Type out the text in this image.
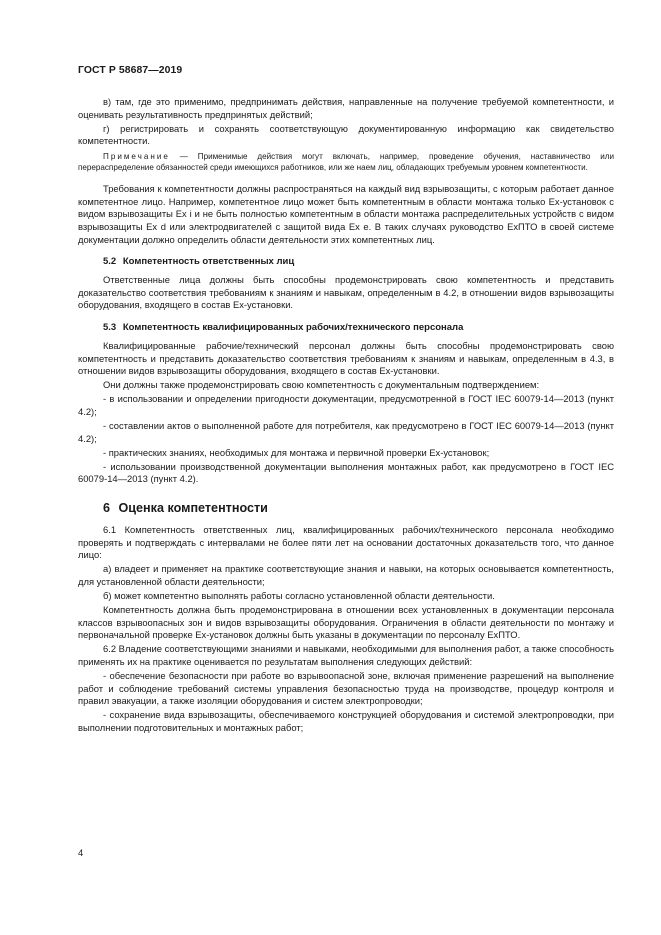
ГОСТ Р 58687—2019

в) там, где это применимо, предпринимать действия, направленные на получение требуемой компетентности, и оценивать результативность предпринятых действий;

г) регистрировать и сохранять соответствующую документированную информацию как свидетельство компетентности.

Примечание — Применимые действия могут включать, например, проведение обучения, наставничество или перераспределение обязанностей среди имеющихся работников, или же наем лиц, обладающих требуемым уровнем компетентности.

Требования к компетентности должны распространяться на каждый вид взрывозащиты, с которым работает данное компетентное лицо. Например, компетентное лицо может быть компетентным в области монтажа только Ex-установок с видом взрывозащиты Ex i и не быть полностью компетентным в области монтажа распределительных устройств с видом взрывозащиты Ex d или электродвигателей с защитой вида Ex e. В таких случаях руководство ExПТО в своей системе документации должно определить области деятельности этих компетентных лиц.

5.2 Компетентность ответственных лиц

Ответственные лица должны быть способны продемонстрировать свою компетентность и представить доказательство соответствия требованиям к знаниям и навыкам, определенным в 4.2, в отношении видов взрывозащиты оборудования, входящего в состав Ex-установки.

5.3 Компетентность квалифицированных рабочих/технического персонала

Квалифицированные рабочие/технический персонал должны быть способны продемонстрировать свою компетентность и представить доказательство соответствия требованиям к знаниям и навыкам, определенным в 4.3, в отношении видов взрывозащиты оборудования, входящего в состав Ex-установки.

Они должны также продемонстрировать свою компетентность с документальным подтверждением:

- в использовании и определении пригодности документации, предусмотренной в ГОСТ IEC 60079-14—2013 (пункт 4.2);

- составлении актов о выполненной работе для потребителя, как предусмотрено в ГОСТ IEC 60079-14—2013 (пункт 4.2);

- практических знаниях, необходимых для монтажа и первичной проверки Ex-установок;

- использовании производственной документации выполнения монтажных работ, как предусмотрено в ГОСТ IEC 60079-14—2013 (пункт 4.2).

6 Оценка компетентности

6.1 Компетентность ответственных лиц, квалифицированных рабочих/технического персонала необходимо проверять и подтверждать с интервалами не более пяти лет на основании достаточных доказательств того, что данное лицо:

а) владеет и применяет на практике соответствующие знания и навыки, на которых основывается компетентность, для установленной области деятельности;

б) может компетентно выполнять работы согласно установленной области деятельности.

Компетентность должна быть продемонстрирована в отношении всех установленных в документации персонала классов взрывоопасных зон и видов взрывозащиты оборудования. Ограничения в области деятельности по монтажу и первоначальной проверке Ex-установок должны быть указаны в документации по персоналу ExПТО.

6.2 Владение соответствующими знаниями и навыками, необходимыми для выполнения работ, а также способность применять их на практике оценивается по результатам выполнения следующих действий:

- обеспечение безопасности при работе во взрывоопасной зоне, включая применение разрешений на выполнение работ и соблюдение требований системы управления безопасностью труда на производстве, процедур контроля и правил эвакуации, а также изоляции оборудования и систем электропроводки;

- сохранение вида взрывозащиты, обеспечиваемого конструкцией оборудования и системой электропроводки, при выполнении подготовительных и монтажных работ;

4
